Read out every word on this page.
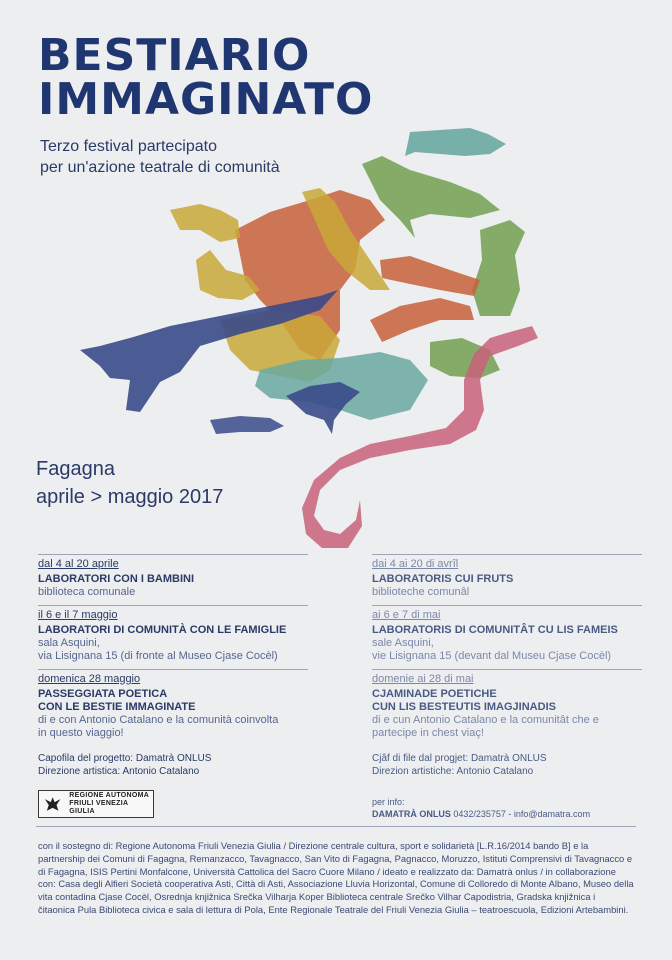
BESTIARIO
IMMAGINATO
Terzo festival partecipato
per un'azione teatrale di comunità
Fagagna
aprile > maggio 2017
dal 4 al 20 aprile
LABORATORI CON I BAMBINI
biblioteca comunale
il 6 e il 7 maggio
LABORATORI DI COMUNITÀ CON LE FAMIGLIE
sala Asquini,
via Lisignana 15 (di fronte al Museo Cjase Cocèl)
domenica 28 maggio
PASSEGGIATA POETICA
CON LE BESTIE IMMAGINATE
di e con Antonio Catalano e la comunità coinvolta
in questo viaggio!
dai 4 ai 20 di avrîl
LABORATORIS CUI FRUTS
biblioteche comunâl
ai 6 e 7 di mai
LABORATORIS DI COMUNITÂT CU LIS FAMEIS
sale Asquini,
vie Lisignana 15 (devant dal Museu Cjase Cocèl)
domenie ai 28 di mai
CJAMINADE POETICHE
CUN LIS BESTEUTIS IMAGJINADIS
di e cun Antonio Catalano e la comunitât che e
partecipe in chest viaç!
Capofila del progetto: Damatrà ONLUS
Direzione artistica: Antonio Catalano
Cjâf di file dal progjet: Damatrà ONLUS
Direzion artistiche: Antonio Catalano
REGIONE AUTONOMA
FRIULI VENEZIA GIULIA
per info:
DAMATRÀ ONLUS 0432/235757 - info@damatra.com
con il sostegno di: Regione Autonoma Friuli Venezia Giulia / Direzione centrale cultura, sport e solidarietà [L.R.16/2014 bando B] e la partnership dei Comuni di Fagagna, Remanzacco, Tavagnacco, San Vito di Fagagna, Pagnacco, Moruzzo, Istituti Comprensivi di Tavagnacco e di Fagagna, ISIS Pertini Monfalcone, Università Cattolica del Sacro Cuore Milano / ideato e realizzato da: Damatrà onlus / in collaborazione con: Casa degli Alfieri Società cooperativa Asti, Città di Asti, Associazione Lluvia Horizontal, Comune di Colloredo di Monte Albano, Museo della vita contadina Cjase Cocèl, Osrednja knjižnica Srečka Vilharja Koper Biblioteca centrale Srečko Vilhar Capodistria, Gradska knjižnica i čitaonica Pula Biblioteca civica e sala di lettura di Pola, Ente Regionale Teatrale del Friuli Venezia Giulia – teatroescuola, Edizioni Artebambini.
